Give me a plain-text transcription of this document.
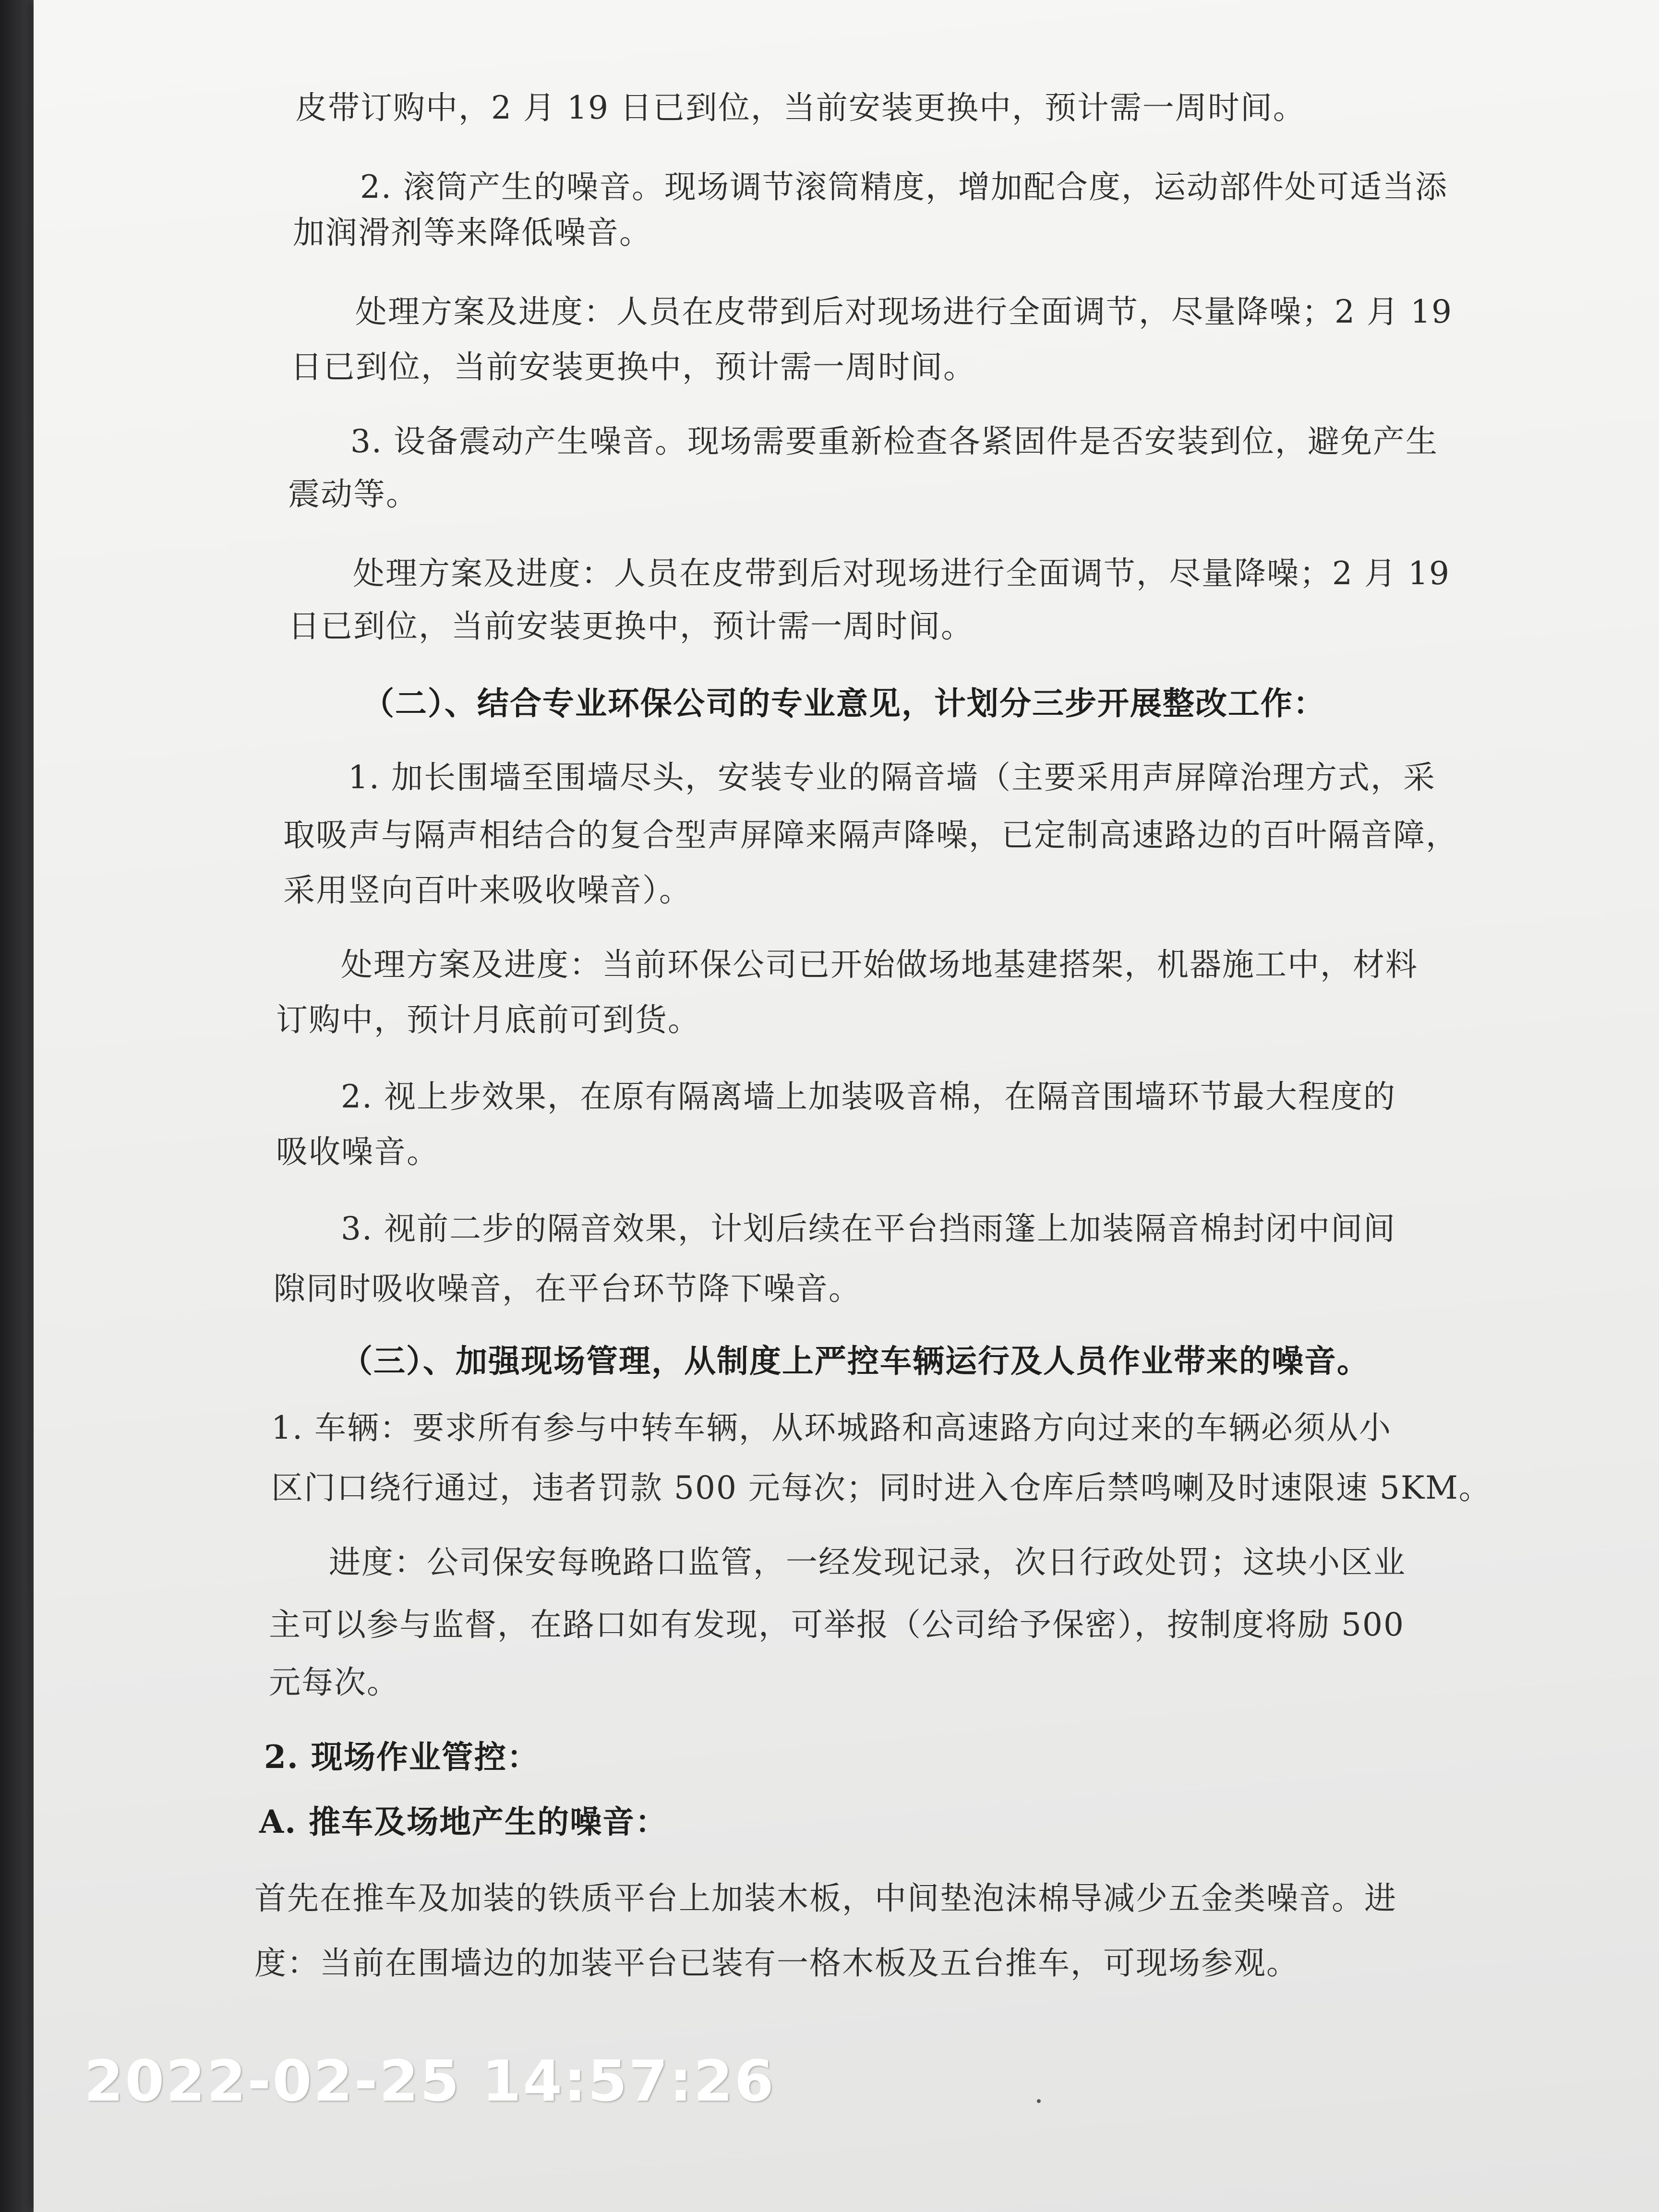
皮带订购中，2 月 19 日已到位，当前安装更换中，预计需一周时间。
2. 滚筒产生的噪音。现场调节滚筒精度，增加配合度，运动部件处可适当添
加润滑剂等来降低噪音。
处理方案及进度：人员在皮带到后对现场进行全面调节，尽量降噪；2 月 19
日已到位，当前安装更换中，预计需一周时间。
3. 设备震动产生噪音。现场需要重新检查各紧固件是否安装到位，避免产生
震动等。
处理方案及进度：人员在皮带到后对现场进行全面调节，尽量降噪；2 月 19
日已到位，当前安装更换中，预计需一周时间。
（二）、结合专业环保公司的专业意见，计划分三步开展整改工作：
1. 加长围墙至围墙尽头，安装专业的隔音墙（主要采用声屏障治理方式，采
取吸声与隔声相结合的复合型声屏障来隔声降噪，已定制高速路边的百叶隔音障，
采用竖向百叶来吸收噪音）。
处理方案及进度：当前环保公司已开始做场地基建搭架，机器施工中，材料
订购中，预计月底前可到货。
2. 视上步效果，在原有隔离墙上加装吸音棉，在隔音围墙环节最大程度的
吸收噪音。
3. 视前二步的隔音效果，计划后续在平台挡雨篷上加装隔音棉封闭中间间
隙同时吸收噪音，在平台环节降下噪音。
（三）、加强现场管理，从制度上严控车辆运行及人员作业带来的噪音。
1. 车辆：要求所有参与中转车辆，从环城路和高速路方向过来的车辆必须从小
区门口绕行通过，违者罚款 500 元每次；同时进入仓库后禁鸣喇及时速限速 5KM。
进度：公司保安每晚路口监管，一经发现记录，次日行政处罚；这块小区业
主可以参与监督，在路口如有发现，可举报（公司给予保密），按制度将励 500
元每次。
2. 现场作业管控：
A. 推车及场地产生的噪音：
首先在推车及加装的铁质平台上加装木板，中间垫泡沫棉导减少五金类噪音。进
度：当前在围墙边的加装平台已装有一格木板及五台推车，可现场参观。
2022-02-25 14:57:26
